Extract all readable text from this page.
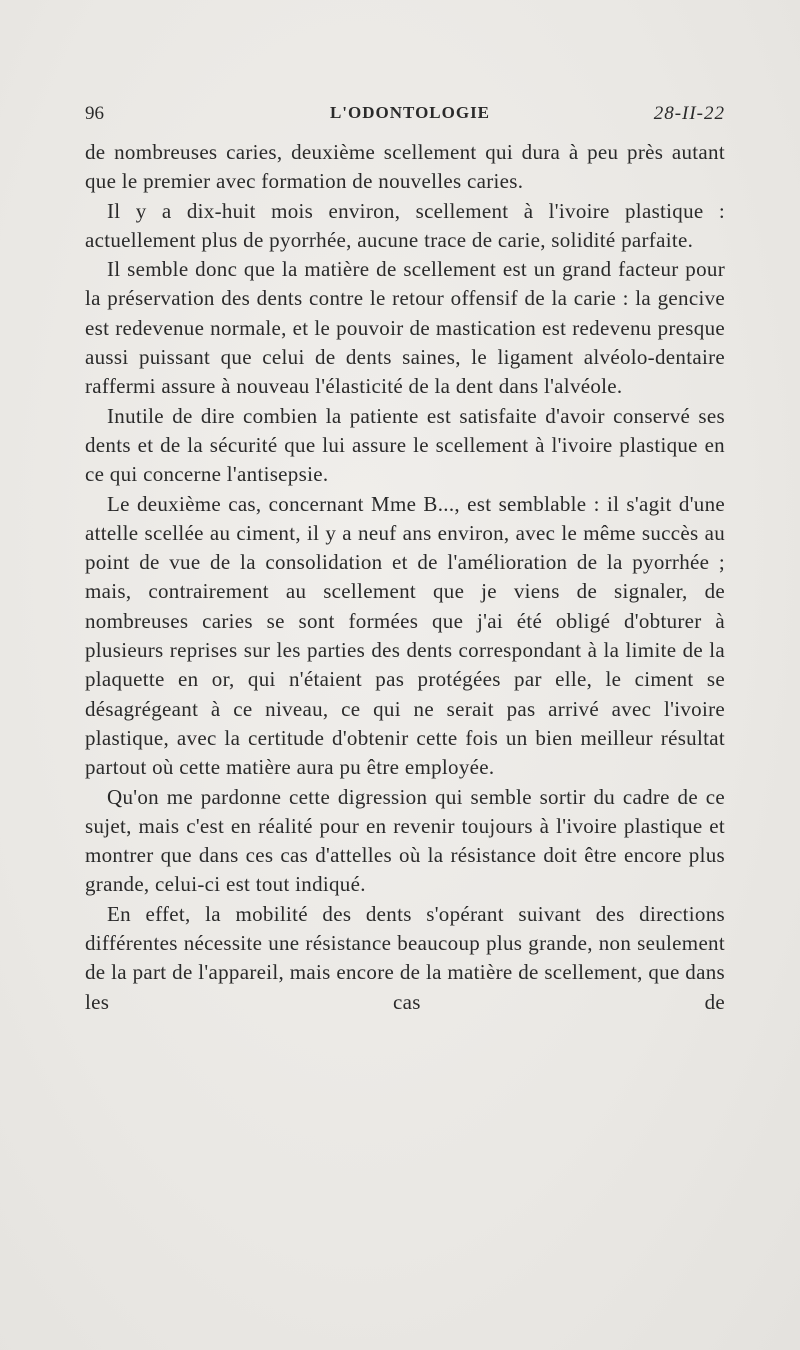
96	L'ODONTOLOGIE	28-II-22

de nombreuses caries, deuxième scellement qui dura à peu près autant que le premier avec formation de nouvelles caries.

Il y a dix-huit mois environ, scellement à l'ivoire plastique : actuellement plus de pyorrhée, aucune trace de carie, solidité parfaite.

Il semble donc que la matière de scellement est un grand facteur pour la préservation des dents contre le retour offensif de la carie : la gencive est redevenue normale, et le pouvoir de mastication est redevenu presque aussi puissant que celui de dents saines, le ligament alvéolo-dentaire raffermi assure à nouveau l'élasticité de la dent dans l'alvéole.

Inutile de dire combien la patiente est satisfaite d'avoir conservé ses dents et de la sécurité que lui assure le scellement à l'ivoire plastique en ce qui concerne l'antisepsie.

Le deuxième cas, concernant Mme B..., est semblable : il s'agit d'une attelle scellée au ciment, il y a neuf ans environ, avec le même succès au point de vue de la consolidation et de l'amélioration de la pyorrhée ; mais, contrairement au scellement que je viens de signaler, de nombreuses caries se sont formées que j'ai été obligé d'obturer à plusieurs reprises sur les parties des dents correspondant à la limite de la plaquette en or, qui n'étaient pas protégées par elle, le ciment se désagrégeant à ce niveau, ce qui ne serait pas arrivé avec l'ivoire plastique, avec la certitude d'obtenir cette fois un bien meilleur résultat partout où cette matière aura pu être employée.

Qu'on me pardonne cette digression qui semble sortir du cadre de ce sujet, mais c'est en réalité pour en revenir toujours à l'ivoire plastique et montrer que dans ces cas d'attelles où la résistance doit être encore plus grande, celui-ci est tout indiqué.

En effet, la mobilité des dents s'opérant suivant des directions différentes nécessite une résistance beaucoup plus grande, non seulement de la part de l'appareil, mais encore de la matière de scellement, que dans les cas de
